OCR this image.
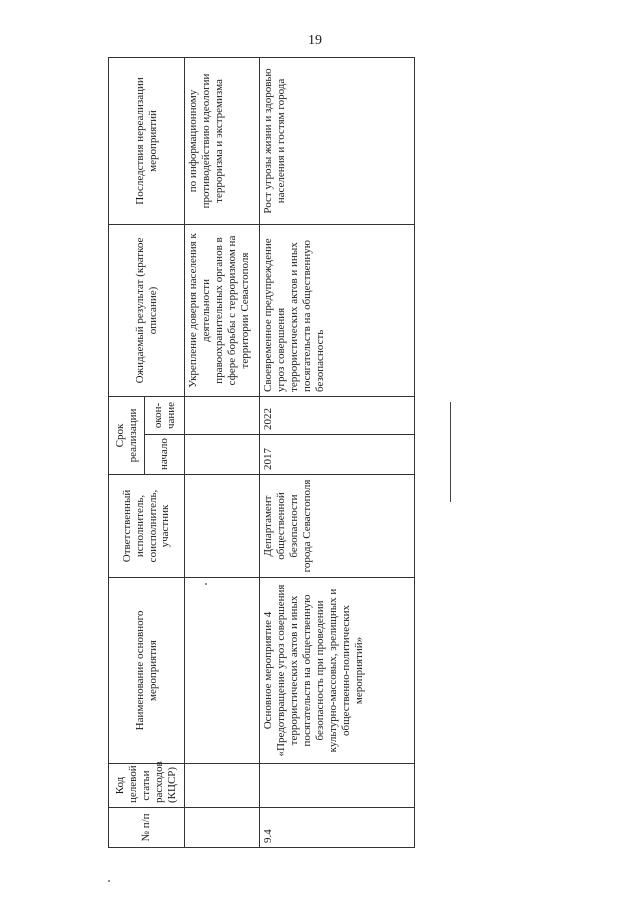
19
№ п/п	Код целевой статьи расходов (КЦСР)	Наименование основного мероприятия	Ответственный исполнитель, соисполнитель, участник	Срок реализации		Ожидаемый результат (краткое описание)	Последствия нереализации мероприятий
				начало	окон-чание		
						Укрепление доверия населения к деятельности правоохранительных органов в сфере борьбы с терроризмом на территории Севастополя	по информационному противодействию идеологии терроризма и экстремизма
9.4		Основное мероприятие 4 «Предотвращение угроз совершения террористических актов и иных посягательств на общественную безопасность при проведении культурно-массовых, зрелищных и общественно-политических мероприятий»	Департамент общественной безопасности города Севастополя	2017	2022	Своевременное предупреждение угроз совершения террористических актов и иных посягательств на общественную безопасность	Рост угрозы жизни и здоровью населения и гостям города
